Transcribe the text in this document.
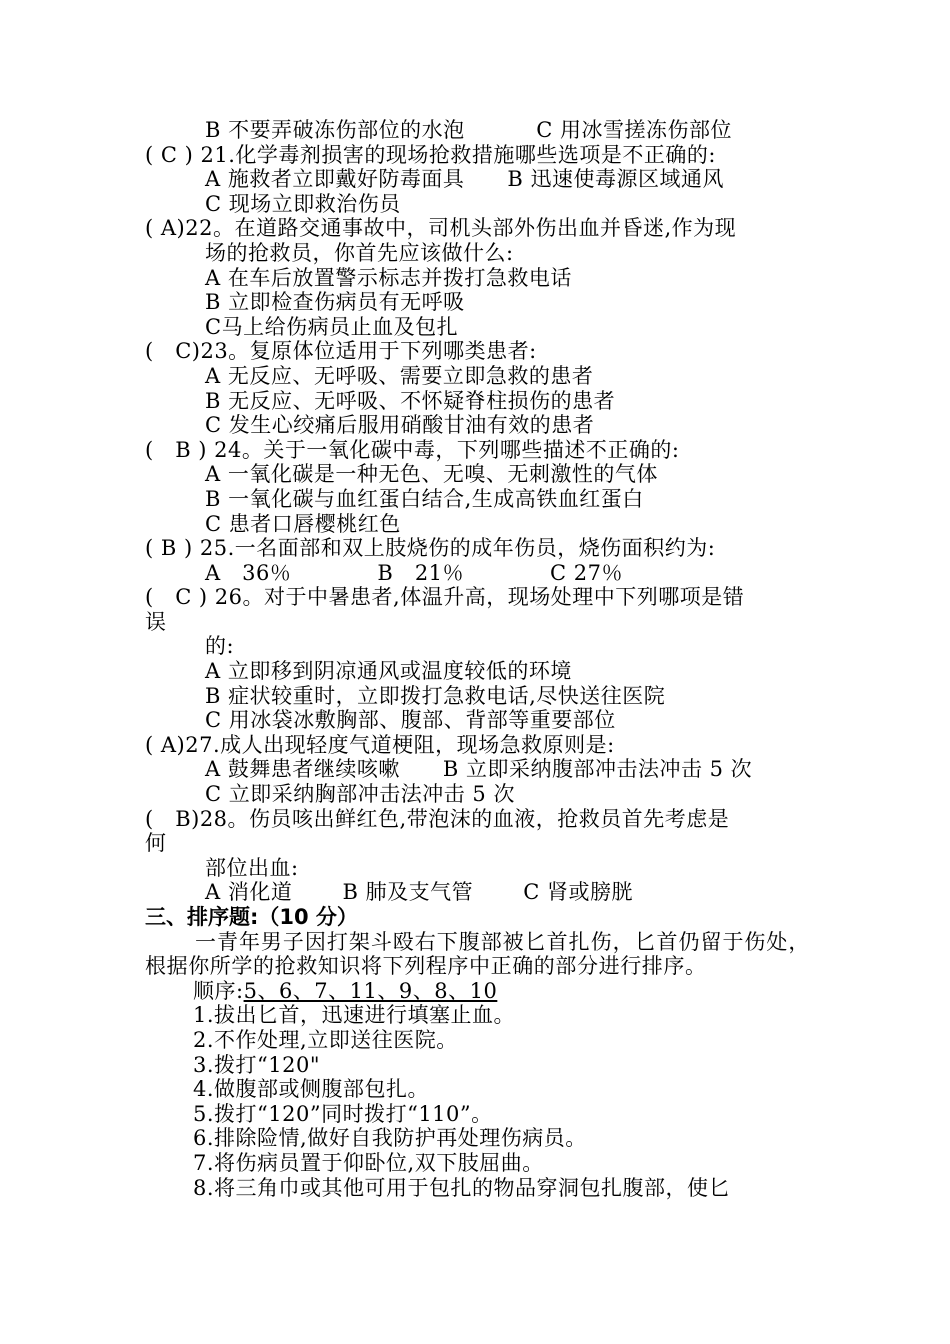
B 不要弄破冻伤部位的水泡　　　 C 用冰雪搓冻伤部位
( C ) 21.化学毒剂损害的现场抢救措施哪些选项是不正确的:
A 施救者立即戴好防毒面具　　B 迅速使毒源区域通风
C 现场立即救治伤员
( A)22。在道路交通事故中，司机头部外伤出血并昏迷,作为现
场的抢救员，你首先应该做什么:
A 在车后放置警示标志并拨打急救电话
B 立即检查伤病员有无呼吸
C马上给伤病员止血及包扎
(　C)23。复原体位适用于下列哪类患者:
A 无反应、无呼吸、需要立即急救的患者
B 无反应、无呼吸、不怀疑脊柱损伤的患者
C 发生心绞痛后服用硝酸甘油有效的患者
(　B ) 24。关于一氧化碳中毒，下列哪些描述不正确的:
A 一氧化碳是一种无色、无嗅、无刺激性的气体
B 一氧化碳与血红蛋白结合,生成高铁血红蛋白
C 患者口唇樱桃红色
( B ) 25.一名面部和双上肢烧伤的成年伤员，烧伤面积约为:
A　36％　　　　B　21％　　　　C 27％
(　C ) 26。对于中暑患者,体温升高，现场处理中下列哪项是错
误
的:
A 立即移到阴凉通风或温度较低的环境
B 症状较重时，立即拨打急救电话,尽快送往医院
C 用冰袋冰敷胸部、腹部、背部等重要部位
( A)27.成人出现轻度气道梗阻，现场急救原则是:
A 鼓舞患者继续咳嗽　　B 立即采纳腹部冲击法冲击 5 次
C 立即采纳胸部冲击法冲击 5 次
(　B)28。伤员咳出鲜红色,带泡沫的血液，抢救员首先考虑是
何
部位出血:
A 消化道　　 B 肺及支气管　　 C 肾或膀胱
三、排序题:（10 分）
一青年男子因打架斗殴右下腹部被匕首扎伤，匕首仍留于伤处，根据你所学的抢救知识将下列程序中正确的部分进行排序。
顺序:5、6、7、11、9、8、10
1.拔出匕首，迅速进行填塞止血。
2.不作处理,立即送往医院。
3.拨打“120"
4.做腹部或侧腹部包扎。
5.拨打“120”同时拨打“110”。
6.排除险情,做好自我防护再处理伤病员。
7.将伤病员置于仰卧位,双下肢屈曲。
8.将三角巾或其他可用于包扎的物品穿洞包扎腹部，使匕
